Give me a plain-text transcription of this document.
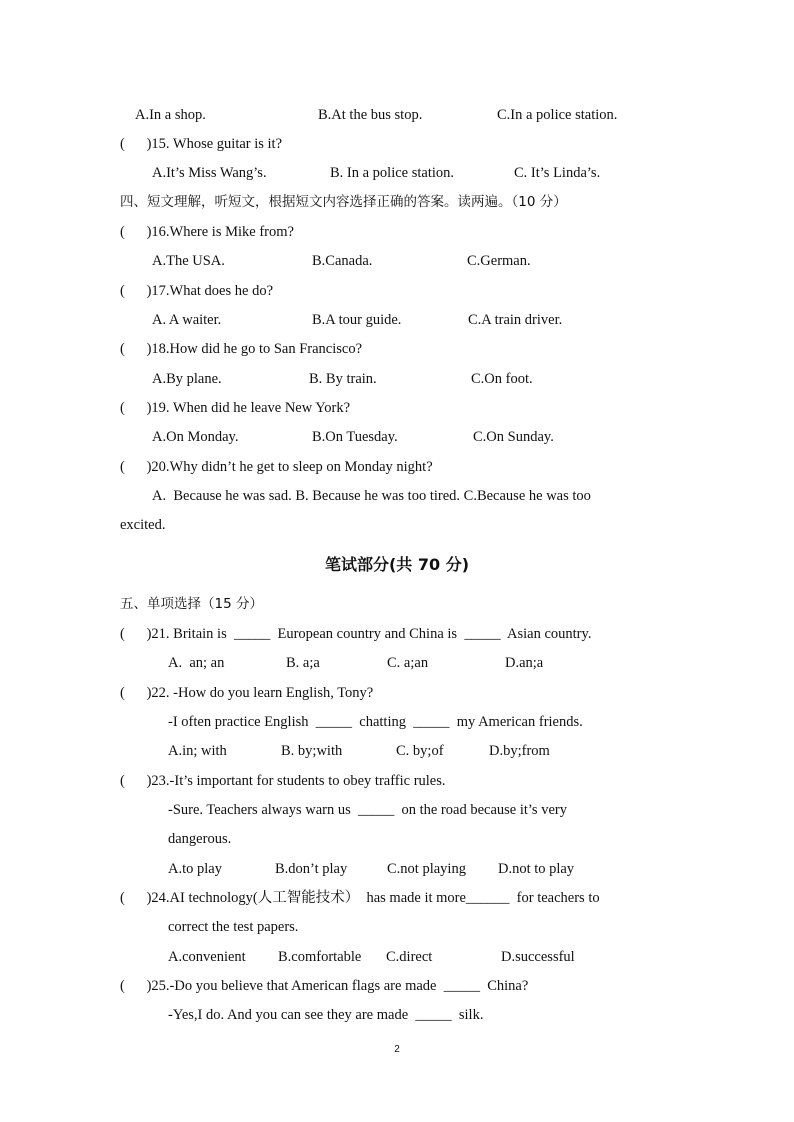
A.In a shop.	B.At the bus stop.	C.In a police station.
(      )15. Whose guitar is it?
A.It’s Miss Wang’s.	B. In a police station.	C. It’s Linda’s.
四、短文理解，听短文，根据短文内容选择正确的答案。读两遍。（10 分）
(      )16.Where is Mike from?
A.The USA.	B.Canada.	C.German.
(      )17.What does he do?
A. A waiter.	B.A tour guide.	C.A train driver.
(      )18.How did he go to San Francisco?
A.By plane.	B. By train.	C.On foot.
(      )19. When did he leave New York?
A.On Monday.	B.On Tuesday.	C.On Sunday.
(      )20.Why didn’t he get to sleep on Monday night?
A.  Because he was sad. B. Because he was too tired. C.Because he was too
excited.
五、单项选择（15 分）
(      )21. Britain is  _____  European country and China is  _____  Asian country.
A.  an; an	B. a;a	C. a;an	D.an;a
(      )22. -How do you learn English, Tony?
-I often practice English  _____  chatting  _____  my American friends.
A.in; with	B. by;with	C. by;of	D.by;from
(      )23.-It’s important for students to obey traffic rules.
-Sure. Teachers always warn us  _____  on the road because it’s very
dangerous.
A.to play	B.don’t play	C.not playing D.not to play
(      )24.AI technology(人工智能技术）  has made it more______  for teachers to
correct the test papers.
A.convenient B.comfortable C.direct	D.successful
(      )25.-Do you believe that American flags are made  _____  China?
-Yes,I do. And you can see they are made  _____  silk.
笔试部分(共 70 分)
2
